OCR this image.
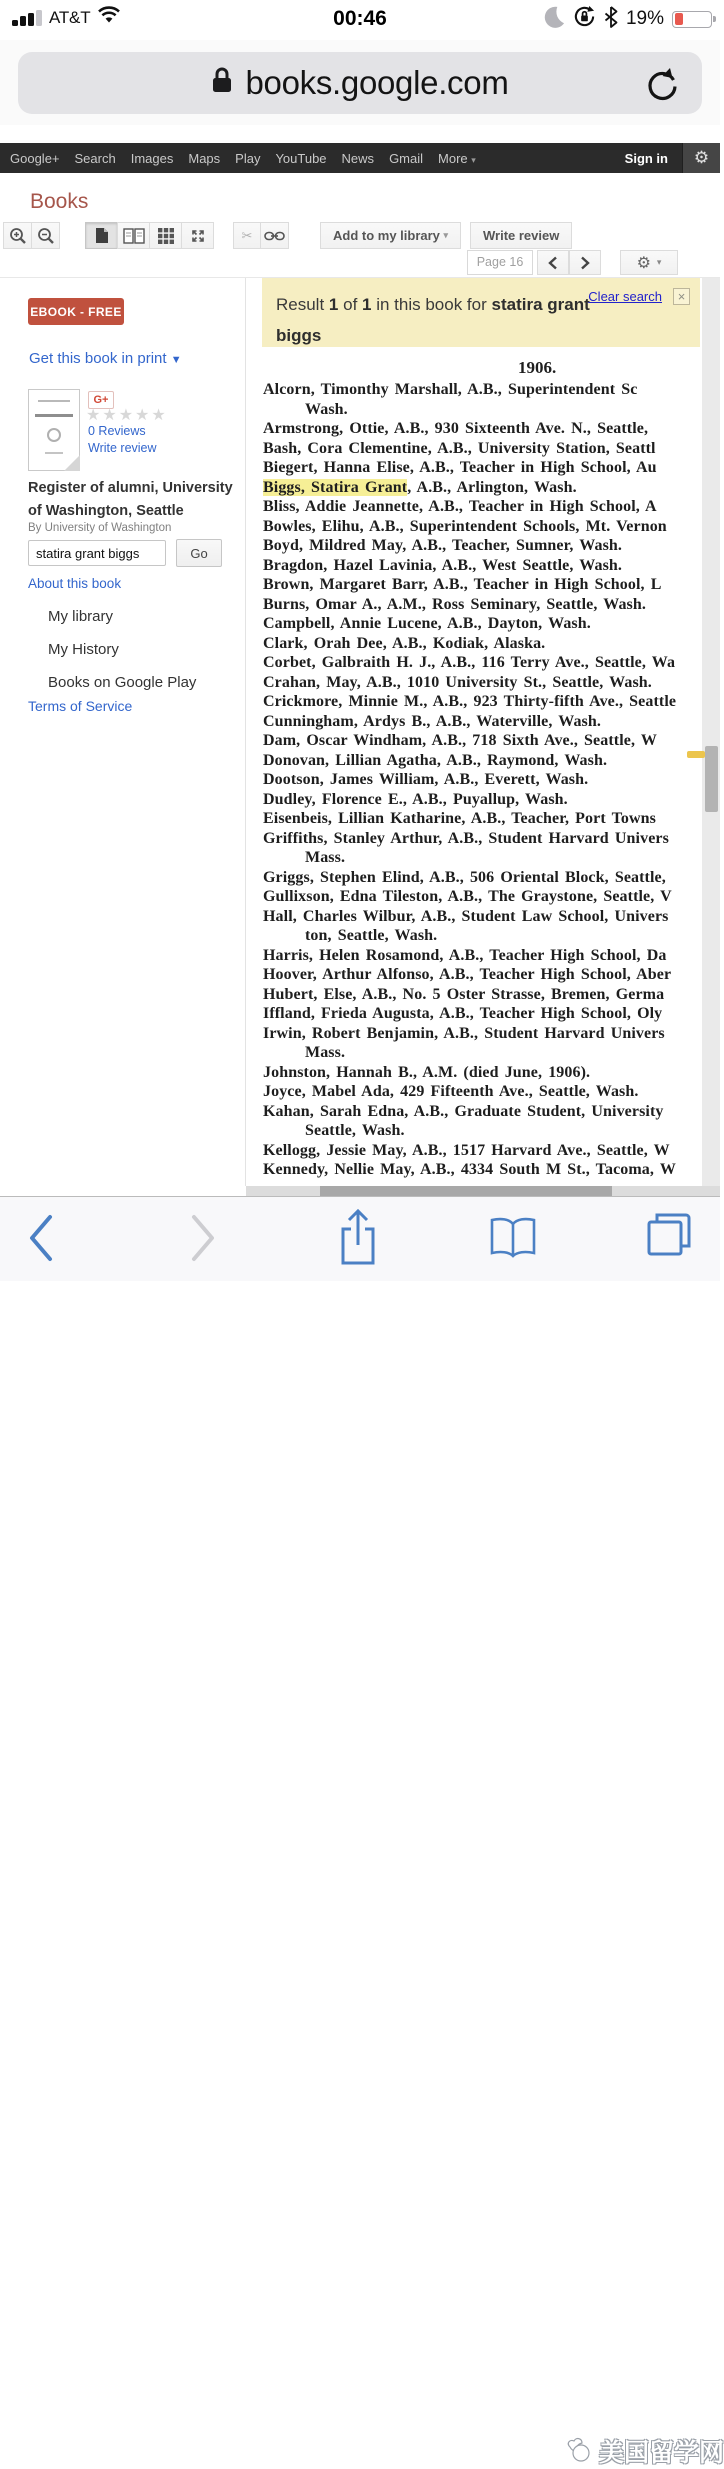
AT&T	00:46	19%
books.google.com
Google+ Search Images Maps Play YouTube News Gmail More ▾	Sign in ⚙
Books
✂	Add to my library
▾	Write review
Page 16	⚙ ▾
Result 1 of 1 in this book for statira grant biggs
Clear search	×
EBOOK - FREE
Get this book in print ▼
G+
★★★★★
0 Reviews
Write review
Register of alumni, University of Washington, Seattle
By University of Washington
statira grant biggs
Go
About this book
My library
My History
Books on Google Play
Terms of Service
1906.
Alcorn, Timonthy Marshall, A.B., Superintendent Sc
Wash.
Armstrong, Ottie, A.B., 930 Sixteenth Ave. N., Seattle,
Bash, Cora Clementine, A.B., University Station, Seattl
Biegert, Hanna Elise, A.B., Teacher in High School, Au
Biggs, Statira Grant, A.B., Arlington, Wash.
Bliss, Addie Jeannette, A.B., Teacher in High School, A
Bowles, Elihu, A.B., Superintendent Schools, Mt. Vernon
Boyd, Mildred May, A.B., Teacher, Sumner, Wash.
Bragdon, Hazel Lavinia, A.B., West Seattle, Wash.
Brown, Margaret Barr, A.B., Teacher in High School, L
Burns, Omar A., A.M., Ross Seminary, Seattle, Wash.
Campbell, Annie Lucene, A.B., Dayton, Wash.
Clark, Orah Dee, A.B., Kodiak, Alaska.
Corbet, Galbraith H. J., A.B., 116 Terry Ave., Seattle, Wa
Crahan, May, A.B., 1010 University St., Seattle, Wash.
Crickmore, Minnie M., A.B., 923 Thirty-fifth Ave., Seattle
Cunningham, Ardys B., A.B., Waterville, Wash.
Dam, Oscar Windham, A.B., 718 Sixth Ave., Seattle, W
Donovan, Lillian Agatha, A.B., Raymond, Wash.
Dootson, James William, A.B., Everett, Wash.
Dudley, Florence E., A.B., Puyallup, Wash.
Eisenbeis, Lillian Katharine, A.B., Teacher, Port Towns
Griffiths, Stanley Arthur, A.B., Student Harvard Univers
Mass.
Griggs, Stephen Elind, A.B., 506 Oriental Block, Seattle,
Gullixson, Edna Tileston, A.B., The Graystone, Seattle, V
Hall, Charles Wilbur, A.B., Student Law School, Univers
ton, Seattle, Wash.
Harris, Helen Rosamond, A.B., Teacher High School, Da
Hoover, Arthur Alfonso, A.B., Teacher High School, Aber
Hubert, Else, A.B., No. 5 Oster Strasse, Bremen, Germa
Iffland, Frieda Augusta, A.B., Teacher High School, Oly
Irwin, Robert Benjamin, A.B., Student Harvard Univers
Mass.
Johnston, Hannah B., A.M. (died June, 1906).
Joyce, Mabel Ada, 429 Fifteenth Ave., Seattle, Wash.
Kahan, Sarah Edna, A.B., Graduate Student, University
Seattle, Wash.
Kellogg, Jessie May, A.B., 1517 Harvard Ave., Seattle, W
Kennedy, Nellie May, A.B., 4334 South M St., Tacoma, W
美国留学网
